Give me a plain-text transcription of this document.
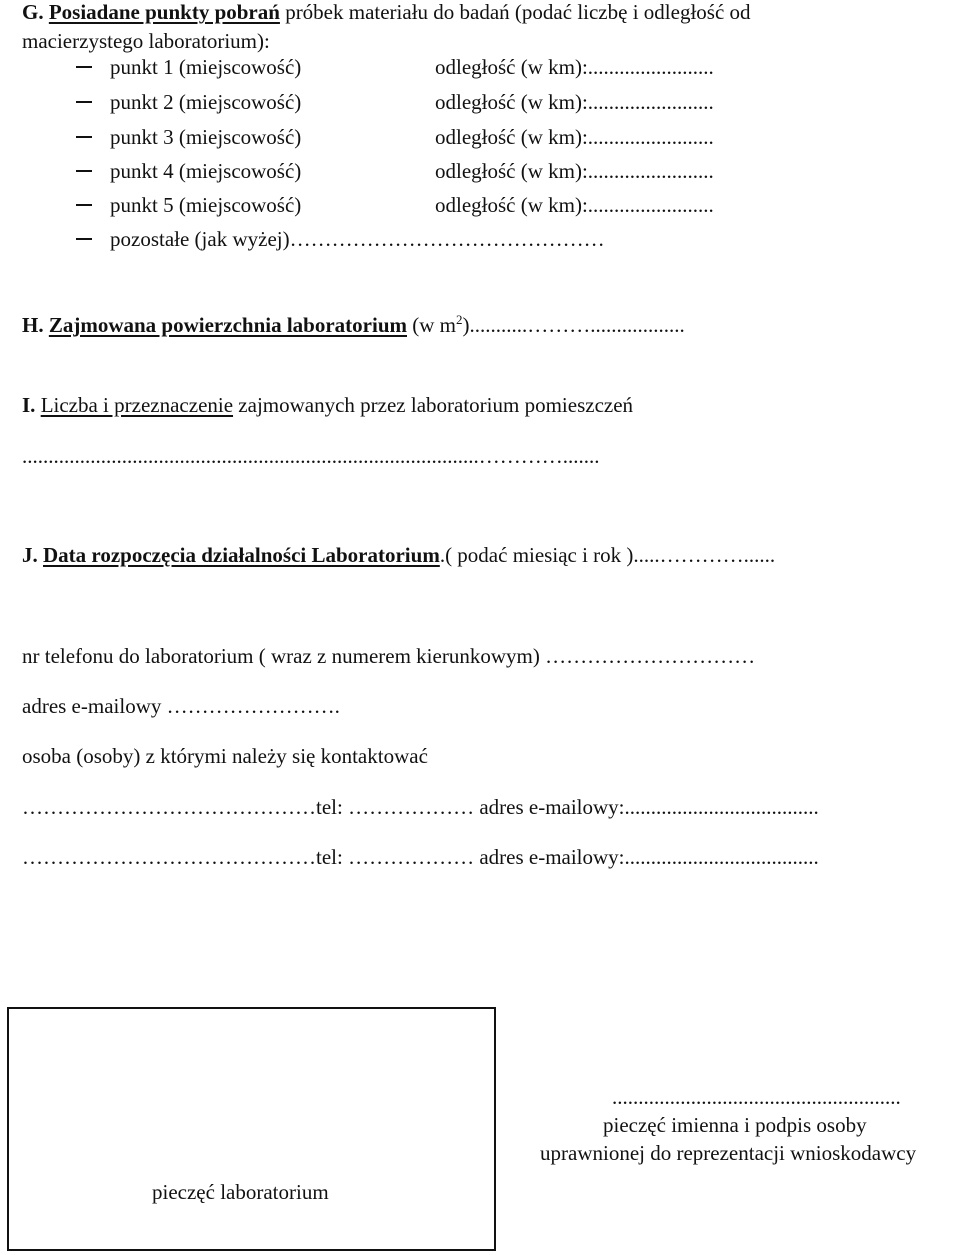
G. Posiadane punkty pobrań próbek materiału do badań (podać liczbę i odległość od
macierzystego laboratorium):
punkt 1 (miejscowość)	odległość (w km):........................
punkt 2 (miejscowość)	odległość (w km):........................
punkt 3 (miejscowość)	odległość (w km):........................
punkt 4 (miejscowość)	odległość (w km):........................
punkt 5 (miejscowość)	odległość (w km):........................
pozostałe (jak wyżej)………………………………………
H. Zajmowana powierzchnia laboratorium (w $m^2)...........\dots\dots\dots$..................
I. Liczba i przeznaczenie zajmowanych przez laboratorium pomieszczeń
.......................................................................................………….......
J. Data rozpoczęcia działalności Laboratorium.( podać miesiąc i rok ).....…………......
nr telefonu do laboratorium ( wraz z numerem kierunkowym) …………………………
adres e-mailowy …………………….
osoba (osoby) z którymi należy się kontaktować
……………………………………tel: ……………… adres e-mailowy:.....................................
……………………………………tel: ……………… adres e-mailowy:.....................................
pieczęć laboratorium
.......................................................
pieczęć imienna i podpis osoby
uprawnionej do reprezentacji wnioskodawcy
